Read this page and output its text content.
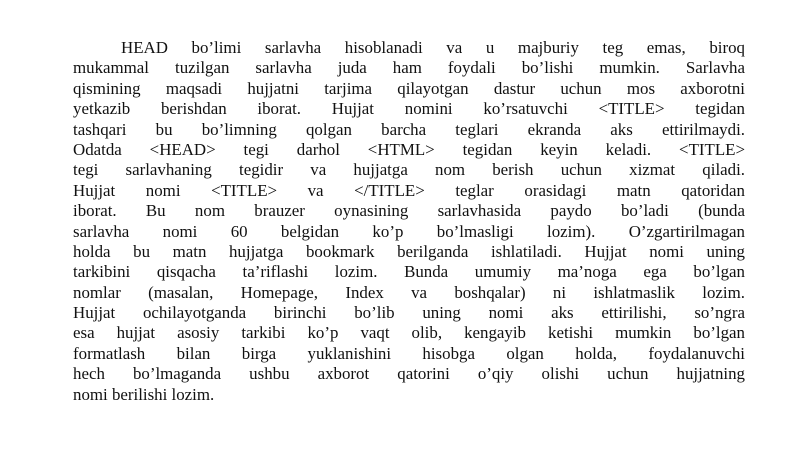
HEAD bo’limi sarlavha hisoblanadi va u majburiy teg emas, biroq
mukammal tuzilgan sarlavha juda ham foydali bo’lishi mumkin. Sarlavha
qismining maqsadi hujjatni tarjima qilayotgan dastur uchun mos axborotni
yetkazib berishdan iborat. Hujjat nomini ko’rsatuvchi <TITLE> tegidan
tashqari bu bo’limning qolgan barcha teglari ekranda aks ettirilmaydi.
Odatda <HEAD> tegi darhol <HTML> tegidan keyin keladi. <TITLE>
tegi sarlavhaning tegidir va hujjatga nom berish uchun xizmat qiladi.
Hujjat nomi <TITLE> va </TITLE> teglar orasidagi matn qatoridan
iborat. Bu nom brauzer oynasining sarlavhasida paydo bo’ladi (bunda
sarlavha nomi 60 belgidan ko’p bo’lmasligi lozim). O’zgartirilmagan
holda bu matn hujjatga bookmark berilganda ishlatiladi. Hujjat nomi uning
tarkibini qisqacha ta’riflashi lozim. Bunda umumiy ma’noga ega bo’lgan
nomlar (masalan, Homepage, Index va boshqalar) ni ishlatmaslik lozim.
Hujjat ochilayotganda birinchi bo’lib uning nomi aks ettirilishi, so’ngra
esa hujjat asosiy tarkibi ko’p vaqt olib, kengayib ketishi mumkin bo’lgan
formatlash bilan birga yuklanishini hisobga olgan holda, foydalanuvchi
hech bo’lmaganda ushbu axborot qatorini o’qiy olishi uchun hujjatning
nomi berilishi lozim.
